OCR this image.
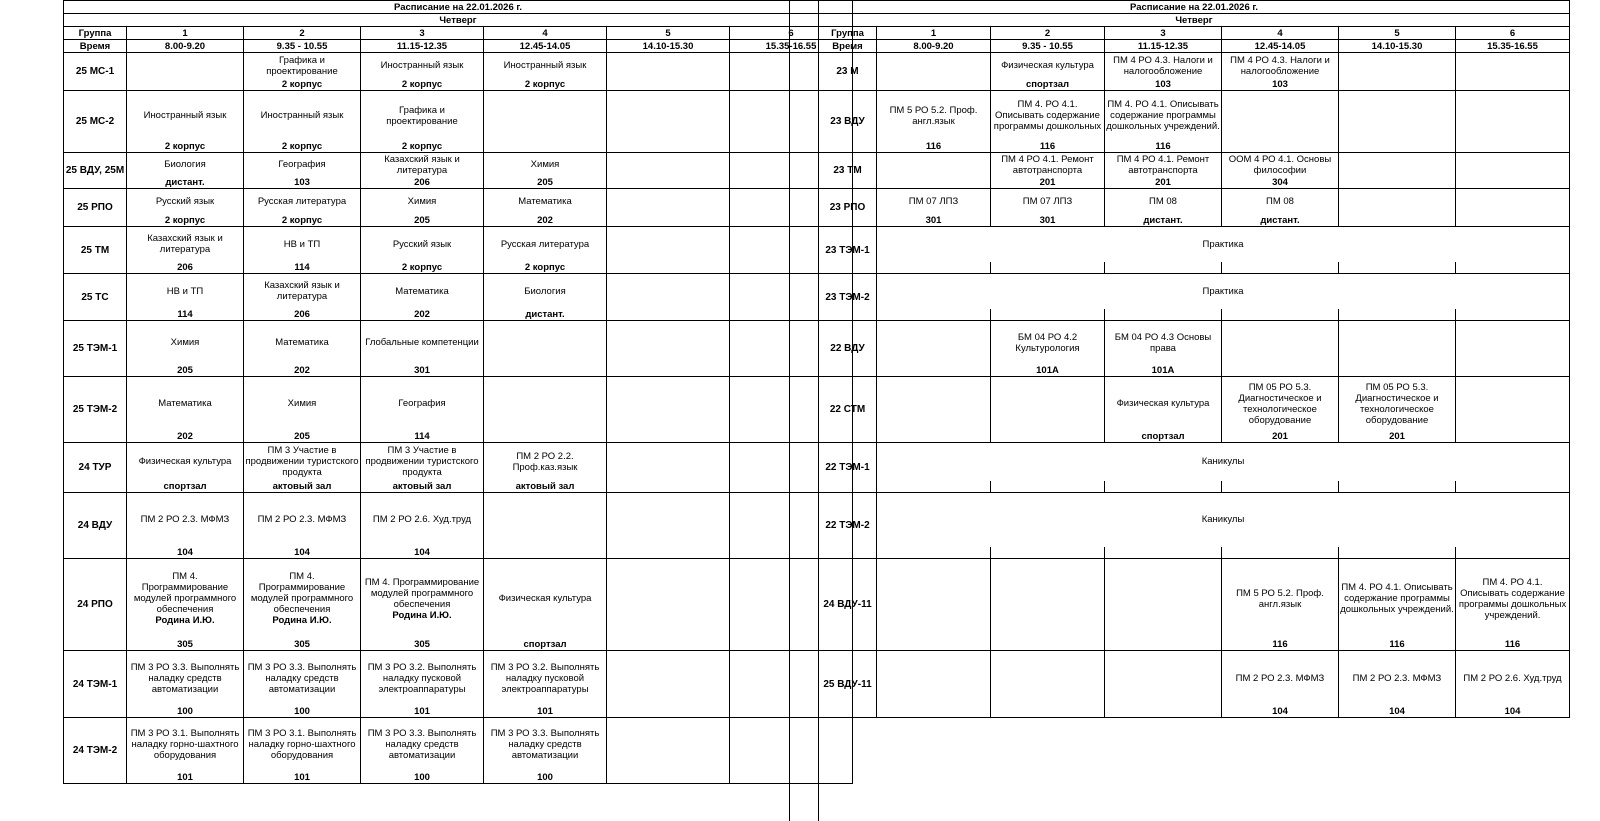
Расписание на 22.01.2026 г.						
Четверг						
Группа	1	2	3	4	5	6
Время	8.00-9.20	9.35 - 10.55	11.15-12.35	12.45-14.05	14.10-15.30	15.35-16.55
25 МС-1		Графика и проектирование	Иностранный язык	Иностранный язык		
		2 корпус	2 корпус	2 корпус		
25 МС-2	Иностранный язык	Иностранный язык	Графика и проектирование			
	2 корпус	2 корпус	2 корпус			
25 ВДУ, 25М	Биология	География	Казахский язык и литература	Химия		
	дистант.	103	206	205		
25 РПО	Русский язык	Русская литература	Химия	Математика		
	2 корпус	2 корпус	205	202		
25 ТМ	Казахский язык и литература	НВ и ТП	Русский язык	Русская литература		
	206	114	2 корпус	2 корпус		
25 ТС	НВ и ТП	Казахский язык и литература	Математика	Биология		
	114	206	202	дистант.		
25 ТЭМ-1	Химия	Математика	Глобальные компетенции			
	205	202	301			
25 ТЭМ-2	Математика	Химия	География			
	202	205	114			
24 ТУР	Физическая культура	ПМ 3 Участие в продвижении туристского продукта	ПМ 3 Участие в продвижении туристского продукта	ПМ 2 РО 2.2. Проф.каз.язык		
	спортзал	актовый зал	актовый зал	актовый зал		
24 ВДУ	ПМ 2 РО 2.3. МФМЗ	ПМ 2 РО 2.3. МФМЗ	ПМ 2 РО 2.6. Худ.труд			
	104	104	104			
24 РПО	ПМ 4. Программирование модулей программного обеспечения
Родина И.Ю.	ПМ 4. Программирование модулей программного обеспечения
Родина И.Ю.	ПМ 4. Программирование модулей программного обеспечения
Родина И.Ю.	Физическая культура		
	305	305	305	спортзал		
24 ТЭМ-1	ПМ 3 РО 3.3. Выполнять наладку средств автоматизации	ПМ 3 РО 3.3. Выполнять наладку средств автоматизации	ПМ 3 РО 3.2. Выполнять наладку пусковой электроаппаратуры	ПМ 3 РО 3.2. Выполнять наладку пусковой электроаппаратуры		
	100	100	101	101		
24 ТЭМ-2	ПМ 3 РО 3.1. Выполнять наладку горно-шахтного оборудования	ПМ 3 РО 3.1. Выполнять наладку горно-шахтного оборудования	ПМ 3 РО 3.3. Выполнять наладку средств автоматизации	ПМ 3 РО 3.3. Выполнять наладку средств автоматизации		
	101	101	100	100		
Расписание на 22.01.2026 г.						
Четверг						
Группа	1	2	3	4	5	6
Время	8.00-9.20	9.35 - 10.55	11.15-12.35	12.45-14.05	14.10-15.30	15.35-16.55
23 М		Физическая культура	ПМ 4 РО 4.3. Налоги и налогообложение	ПМ 4 РО 4.3. Налоги и налогообложение		
		спортзал	103	103		
23 ВДУ	ПМ 5 РО 5.2. Проф. англ.язык	ПМ 4. РО 4.1. Описывать содержание программы дошкольных	ПМ 4. РО 4.1. Описывать содержание программы дошкольных учреждений.			
	116	116	116			
23 ТМ		ПМ 4 РО 4.1. Ремонт автотранспорта	ПМ 4 РО 4.1. Ремонт автотранспорта	ООМ 4 РО 4.1. Основы философии		
		201	201	304		
23 РПО	ПМ 07 ЛПЗ	ПМ 07 ЛПЗ	ПМ 08	ПМ 08		
	301	301	дистант.	дистант.		
23 ТЭМ-1	Практика					

23 ТЭМ-2	Практика					

22 ВДУ		БМ 04 РО 4.2 Культурология	БМ 04 РО 4.3 Основы права			
		101А	101А			
22 СТМ			Физическая культура	ПМ 05 РО 5.3. Диагностическое и технологическое оборудование	ПМ 05 РО 5.3. Диагностическое и технологическое оборудование	
			спортзал	201	201	
22 ТЭМ-1	Каникулы					

22 ТЭМ-2	Каникулы					

24 ВДУ-11				ПМ 5 РО 5.2. Проф. англ.язык	ПМ 4. РО 4.1. Описывать содержание программы дошкольных учреждений.	ПМ 4. РО 4.1. Описывать содержание программы дошкольных учреждений.
				116	116	116
25 ВДУ-11				ПМ 2 РО 2.3. МФМЗ	ПМ 2 РО 2.3. МФМЗ	ПМ 2 РО 2.6. Худ.труд
				104	104	104
